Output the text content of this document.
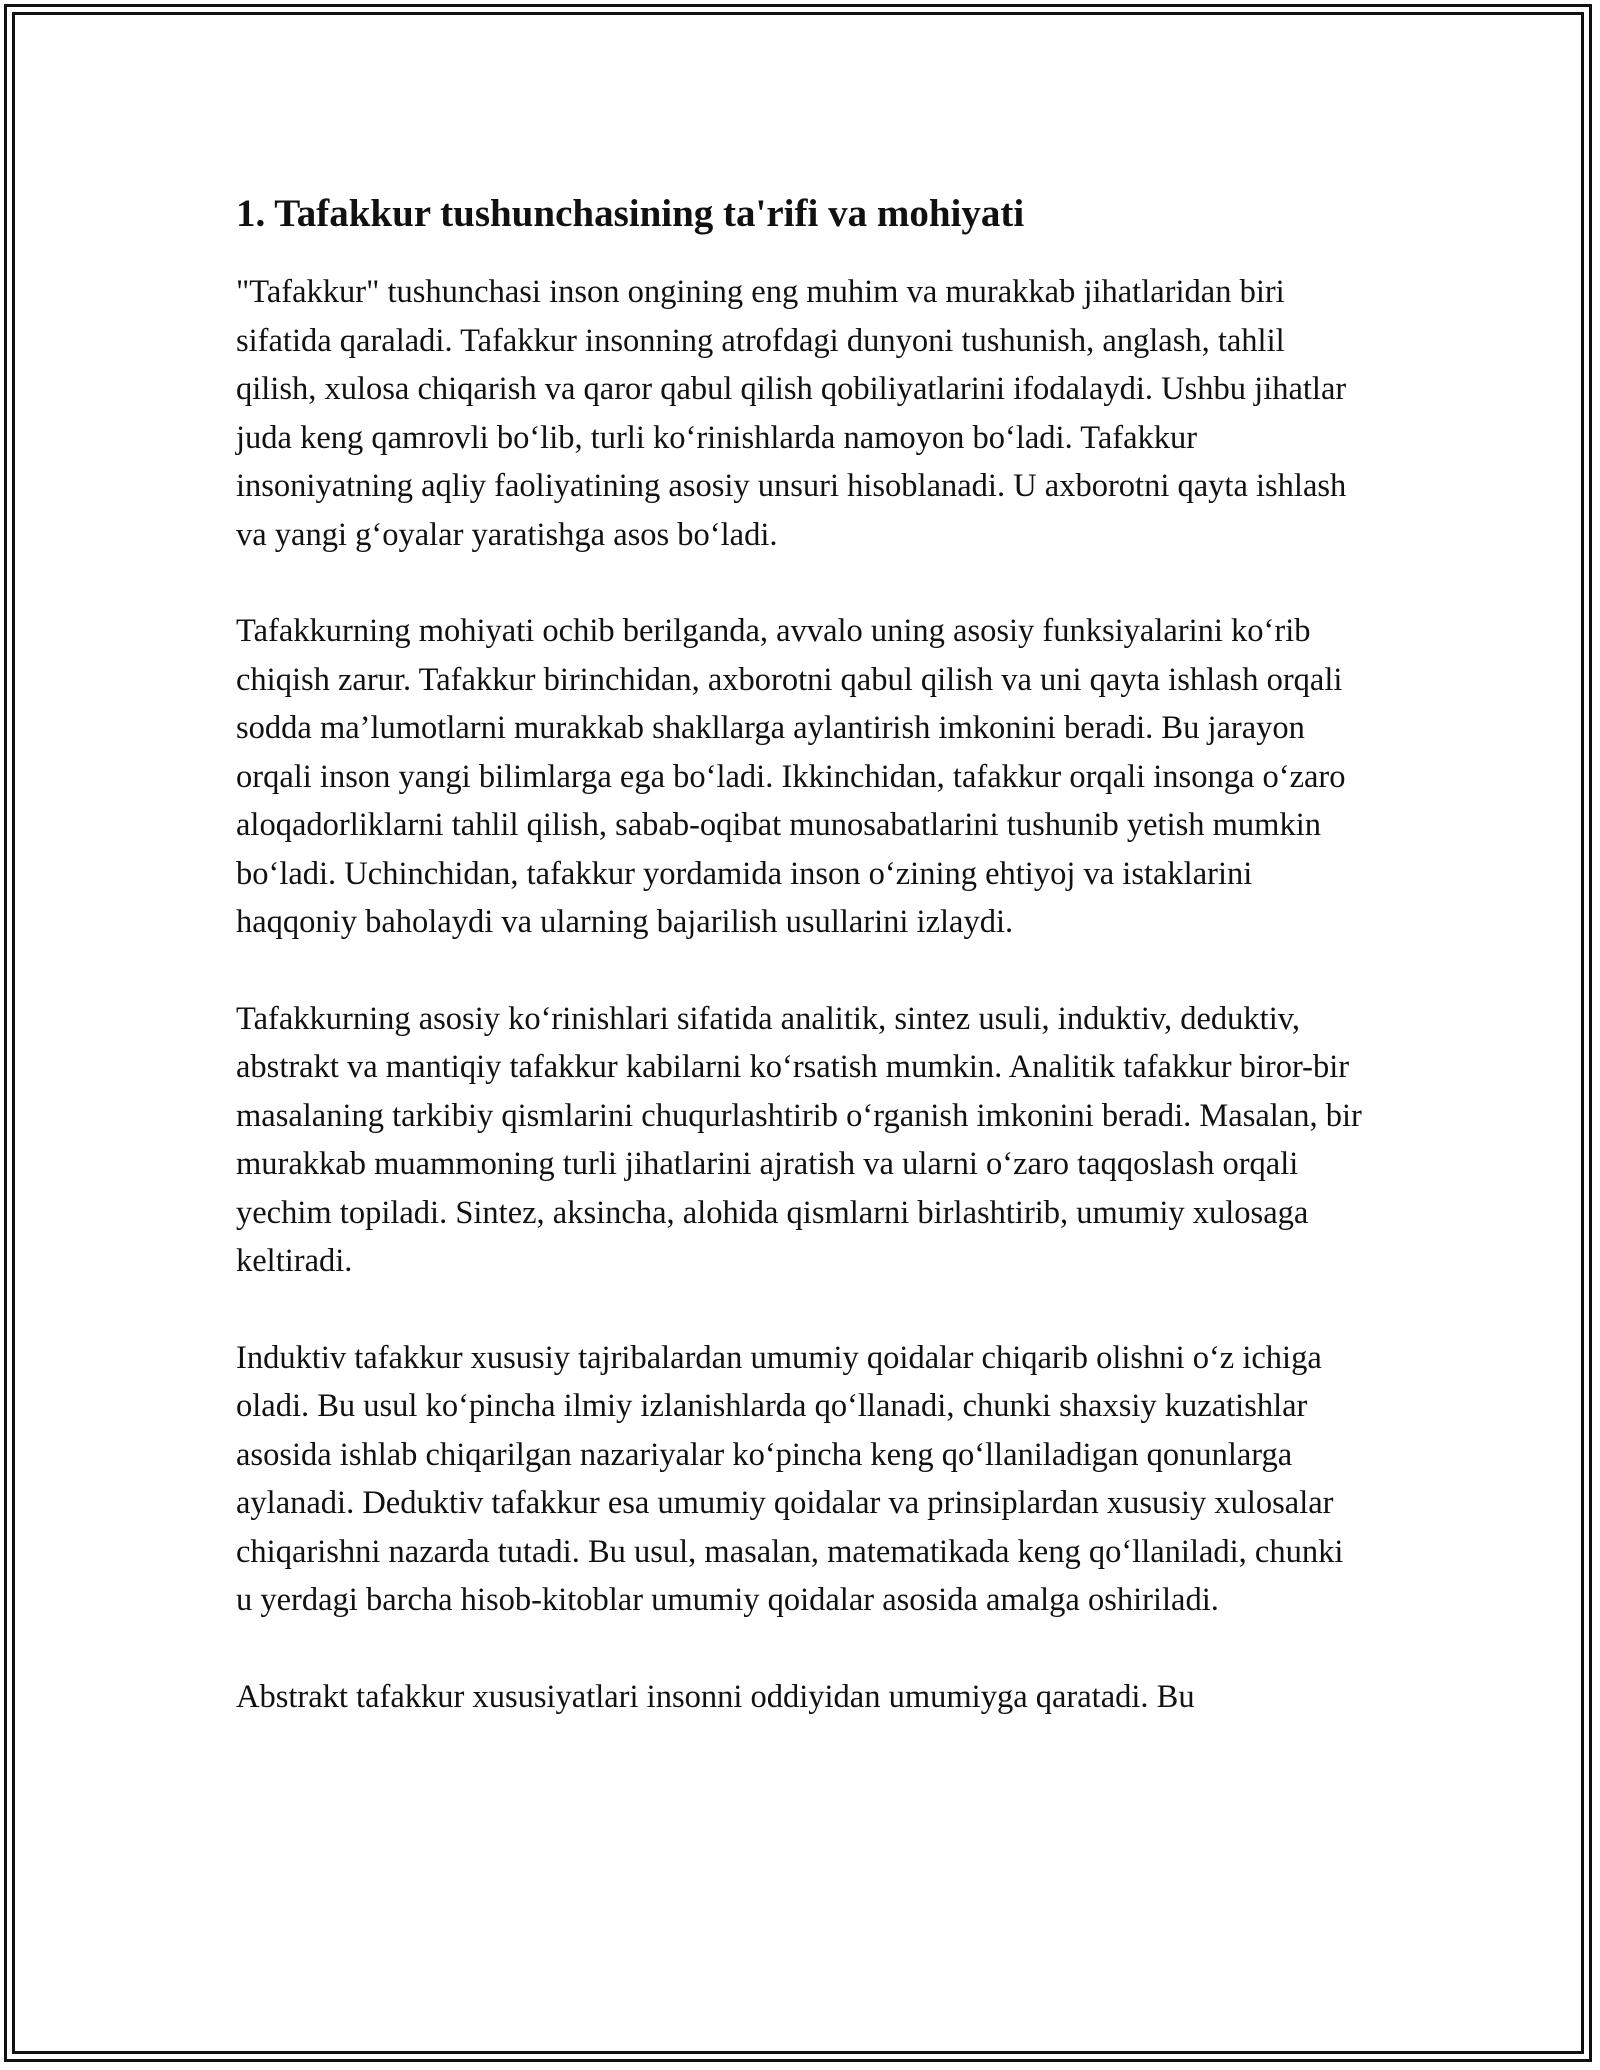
1. Tafakkur tushunchasining ta'rifi va mohiyati

"Tafakkur" tushunchasi inson ongining eng muhim va murakkab jihatlaridan biri sifatida qaraladi. Tafakkur insonning atrofdagi dunyoni tushunish, anglash, tahlil qilish, xulosa chiqarish va qaror qabul qilish qobiliyatlarini ifodalaydi. Ushbu jihatlar juda keng qamrovli bo‘lib, turli ko‘rinishlarda namoyon bo‘ladi. Tafakkur insoniyatning aqliy faoliyatining asosiy unsuri hisoblanadi. U axborotni qayta ishlash va yangi g‘oyalar yaratishga asos bo‘ladi.

Tafakkurning mohiyati ochib berilganda, avvalo uning asosiy funksiyalarini ko‘rib chiqish zarur. Tafakkur birinchidan, axborotni qabul qilish va uni qayta ishlash orqali sodda ma’lumotlarni murakkab shakllarga aylantirish imkonini beradi. Bu jarayon orqali inson yangi bilimlarga ega bo‘ladi. Ikkinchidan, tafakkur orqali insonga o‘zaro aloqadorliklarni tahlil qilish, sabab-oqibat munosabatlarini tushunib yetish mumkin bo‘ladi. Uchinchidan, tafakkur yordamida inson o‘zining ehtiyoj va istaklarini haqqoniy baholaydi va ularning bajarilish usullarini izlaydi.

Tafakkurning asosiy ko‘rinishlari sifatida analitik, sintez usuli, induktiv, deduktiv, abstrakt va mantiqiy tafakkur kabilarni ko‘rsatish mumkin. Analitik tafakkur biror-bir masalaning tarkibiy qismlarini chuqurlashtirib o‘rganish imkonini beradi. Masalan, bir murakkab muammoning turli jihatlarini ajratish va ularni o‘zaro taqqoslash orqali yechim topiladi. Sintez, aksincha, alohida qismlarni birlashtirib, umumiy xulosaga keltiradi.

Induktiv tafakkur xususiy tajribalardan umumiy qoidalar chiqarib olishni o‘z ichiga oladi. Bu usul ko‘pincha ilmiy izlanishlarda qo‘llanadi, chunki shaxsiy kuzatishlar asosida ishlab chiqarilgan nazariyalar ko‘pincha keng qo‘llaniladigan qonunlarga aylanadi. Deduktiv tafakkur esa umumiy qoidalar va prinsiplardan xususiy xulosalar chiqarishni nazarda tutadi. Bu usul, masalan, matematikada keng qo‘llaniladi, chunki u yerdagi barcha hisob-kitoblar umumiy qoidalar asosida amalga oshiriladi.

Abstrakt tafakkur xususiyatlari insonni oddiyidan umumiyga qaratadi. Bu
